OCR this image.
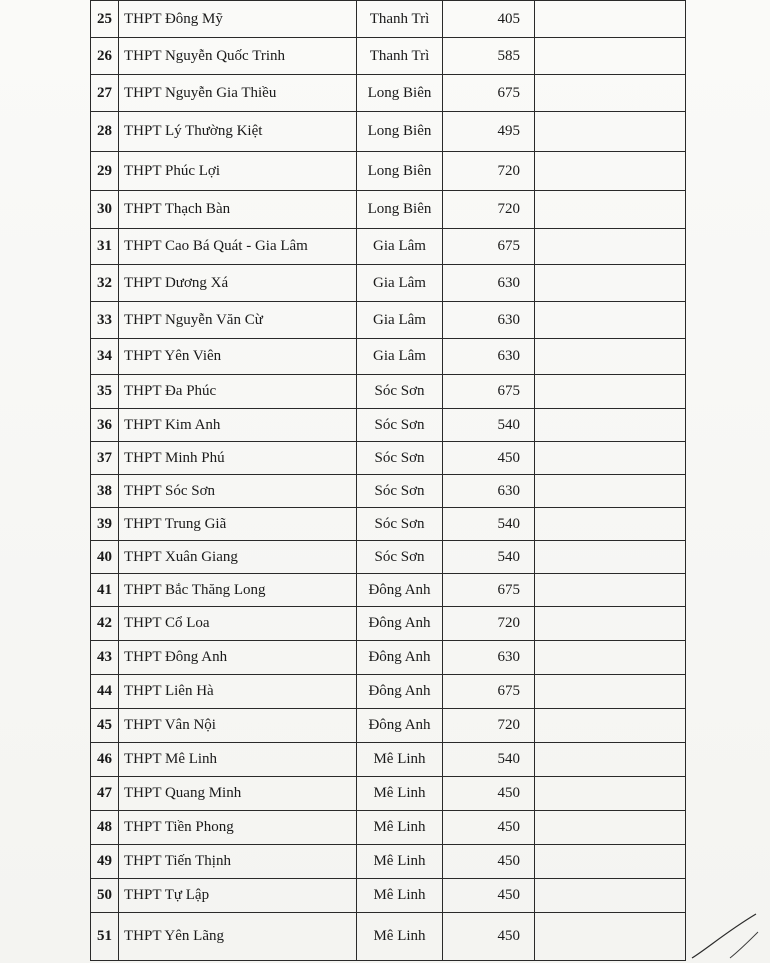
25	THPT Đông Mỹ	Thanh Trì	405	
26	THPT Nguyễn Quốc Trinh	Thanh Trì	585	
27	THPT Nguyễn Gia Thiều	Long Biên	675	
28	THPT Lý Thường Kiệt	Long Biên	495	
29	THPT Phúc Lợi	Long Biên	720	
30	THPT Thạch Bàn	Long Biên	720	
31	THPT Cao Bá Quát - Gia Lâm	Gia Lâm	675	
32	THPT Dương Xá	Gia Lâm	630	
33	THPT Nguyễn Văn Cừ	Gia Lâm	630	
34	THPT Yên Viên	Gia Lâm	630	
35	THPT Đa Phúc	Sóc Sơn	675	
36	THPT Kim Anh	Sóc Sơn	540	
37	THPT Minh Phú	Sóc Sơn	450	
38	THPT Sóc Sơn	Sóc Sơn	630	
39	THPT Trung Giã	Sóc Sơn	540	
40	THPT Xuân Giang	Sóc Sơn	540	
41	THPT Bắc Thăng Long	Đông Anh	675	
42	THPT Cổ Loa	Đông Anh	720	
43	THPT Đông Anh	Đông Anh	630	
44	THPT Liên Hà	Đông Anh	675	
45	THPT Vân Nội	Đông Anh	720	
46	THPT Mê Linh	Mê Linh	540	
47	THPT Quang Minh	Mê Linh	450	
48	THPT Tiền Phong	Mê Linh	450	
49	THPT Tiến Thịnh	Mê Linh	450	
50	THPT Tự Lập	Mê Linh	450	
51	THPT Yên Lãng	Mê Linh	450	
